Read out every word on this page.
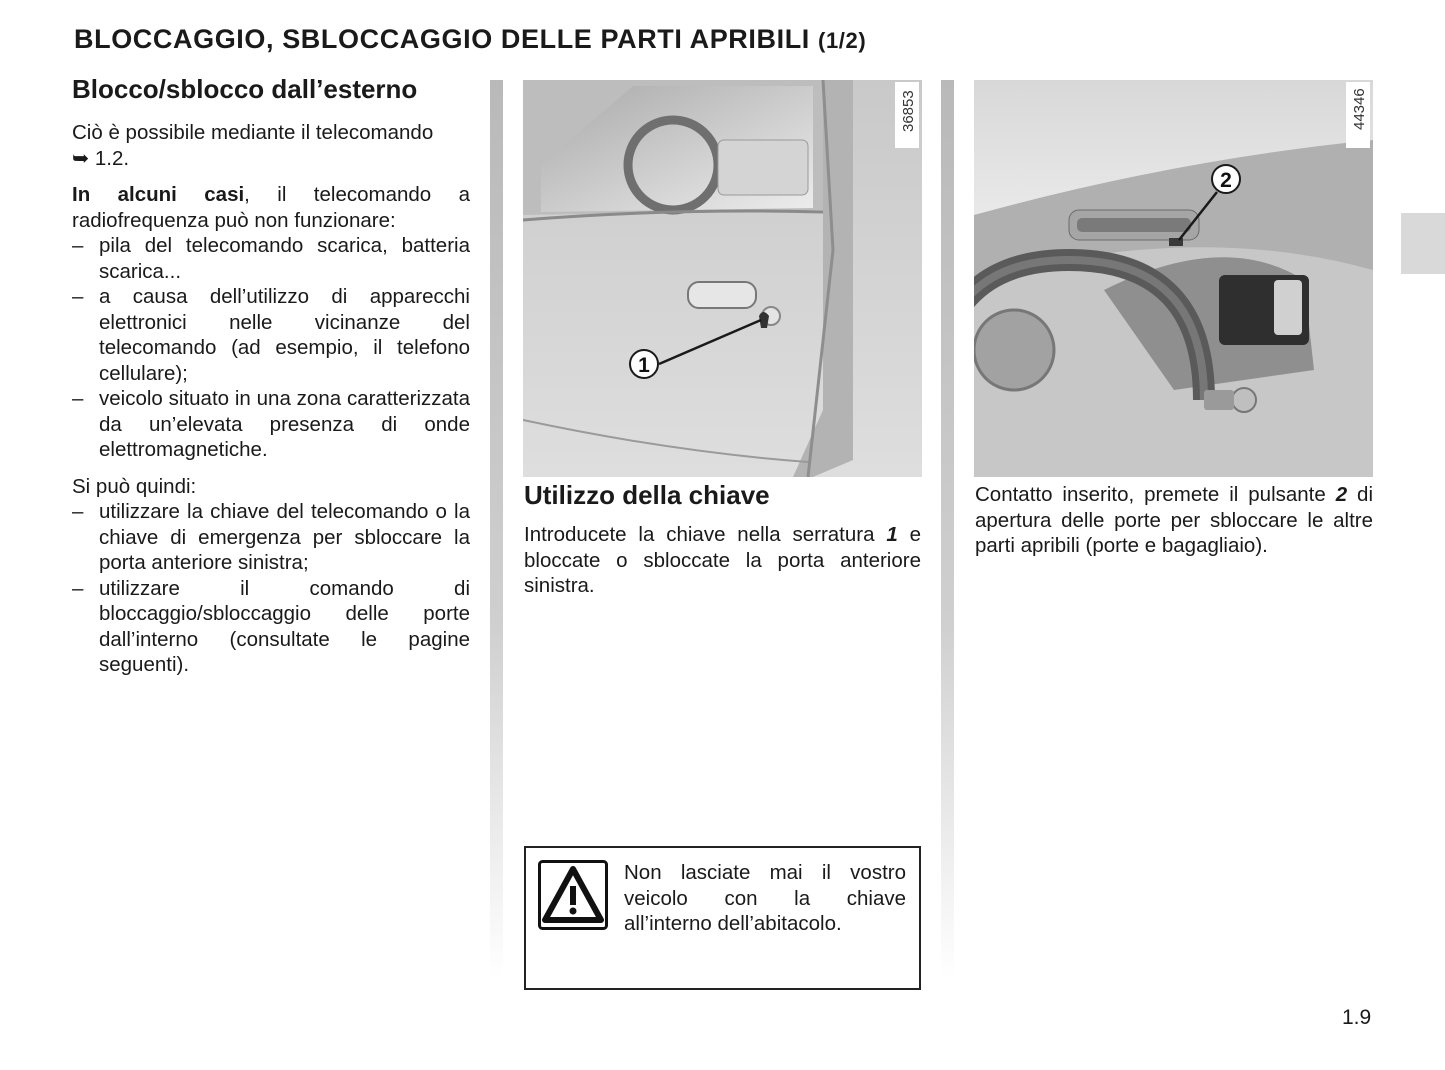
BLOCCAGGIO, SBLOCCAGGIO DELLE PARTI APRIBILI (1/2)
Blocco/sblocco dall’esterno

Ciò è possibile mediante il telecomando
➥ 1.2.

In alcuni casi, il telecomando a radiofrequenza può non funzionare:

– pila del telecomando scarica, batteria scarica...
– a causa dell’utilizzo di apparecchi elettronici nelle vicinanze del telecomando (ad esempio, il telefono cellulare);
– veicolo situato in una zona caratterizzata da un’elevata presenza di onde elettromagnetiche.

Si può quindi:

– utilizzare la chiave del telecomando o la chiave di emergenza per sbloccare la porta anteriore sinistra;
– utilizzare il comando di bloccaggio/sbloccaggio delle porte dall’interno (consultate le pagine seguenti).
1
36853
Utilizzo della chiave

Introducete la chiave nella serratura 1 e bloccate o sbloccate la porta anteriore sinistra.

Non lasciate mai il vostro veicolo con la chiave all’interno dell’abitacolo.
2
44346

Contatto inserito, premete il pulsante 2 di apertura delle porte per sbloccare le altre parti apribili (porte e bagagliaio).

1.9
